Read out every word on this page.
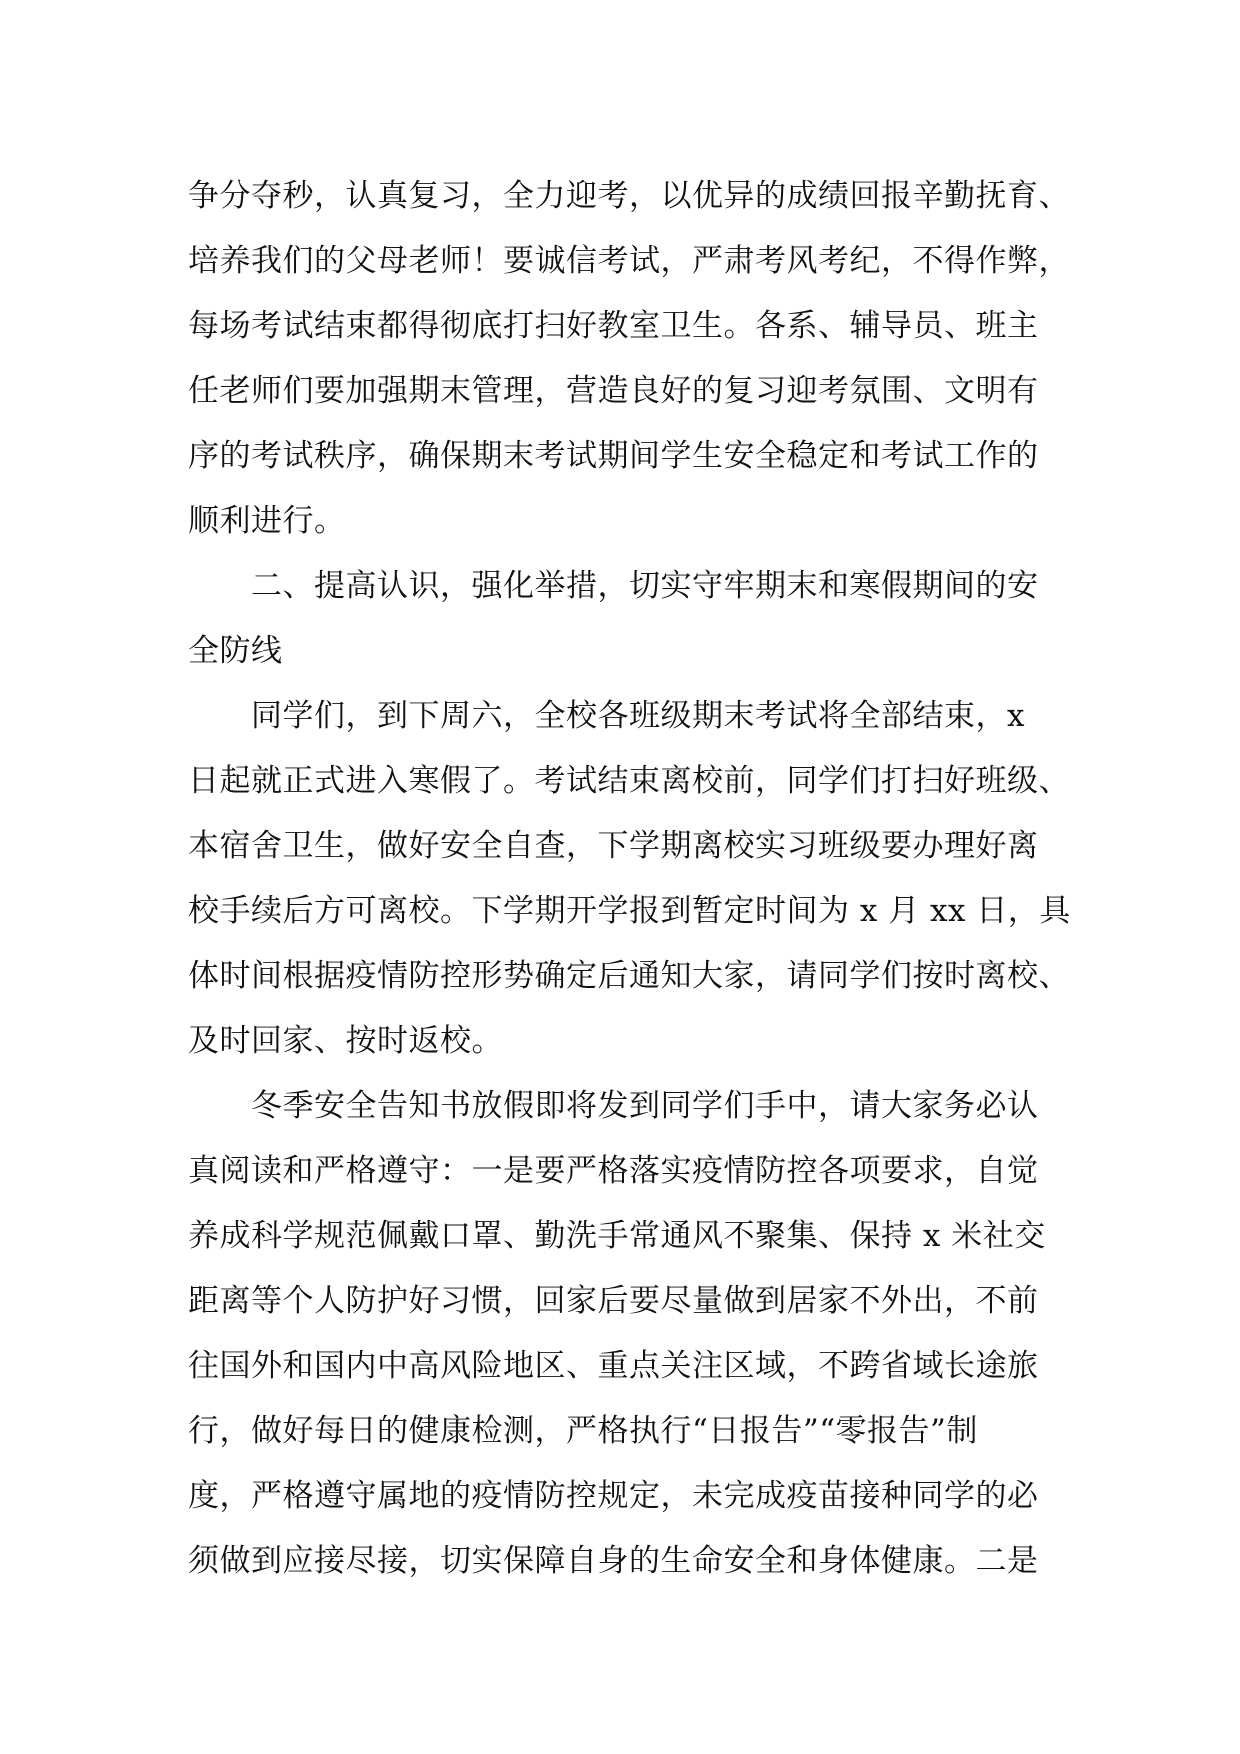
争分夺秒，认真复习，全力迎考，以优异的成绩回报辛勤抚育、
培养我们的父母老师！要诚信考试，严肃考风考纪，不得作弊，
每场考试结束都得彻底打扫好教室卫生。各系、辅导员、班主
任老师们要加强期末管理，营造良好的复习迎考氛围、文明有
序的考试秩序，确保期末考试期间学生安全稳定和考试工作的
顺利进行。
二、提高认识，强化举措，切实守牢期末和寒假期间的安
全防线
同学们，到下周六，全校各班级期末考试将全部结束，x
日起就正式进入寒假了。考试结束离校前，同学们打扫好班级、
本宿舍卫生，做好安全自查，下学期离校实习班级要办理好离
校手续后方可离校。下学期开学报到暂定时间为 x 月 xx 日，具
体时间根据疫情防控形势确定后通知大家，请同学们按时离校、
及时回家、按时返校。
冬季安全告知书放假即将发到同学们手中，请大家务必认
真阅读和严格遵守：一是要严格落实疫情防控各项要求，自觉
养成科学规范佩戴口罩、勤洗手常通风不聚集、保持 x 米社交
距离等个人防护好习惯，回家后要尽量做到居家不外出，不前
往国外和国内中高风险地区、重点关注区域，不跨省域长途旅
行，做好每日的健康检测，严格执行“日报告”“零报告”制
度，严格遵守属地的疫情防控规定，未完成疫苗接种同学的必
须做到应接尽接，切实保障自身的生命安全和身体健康。二是
